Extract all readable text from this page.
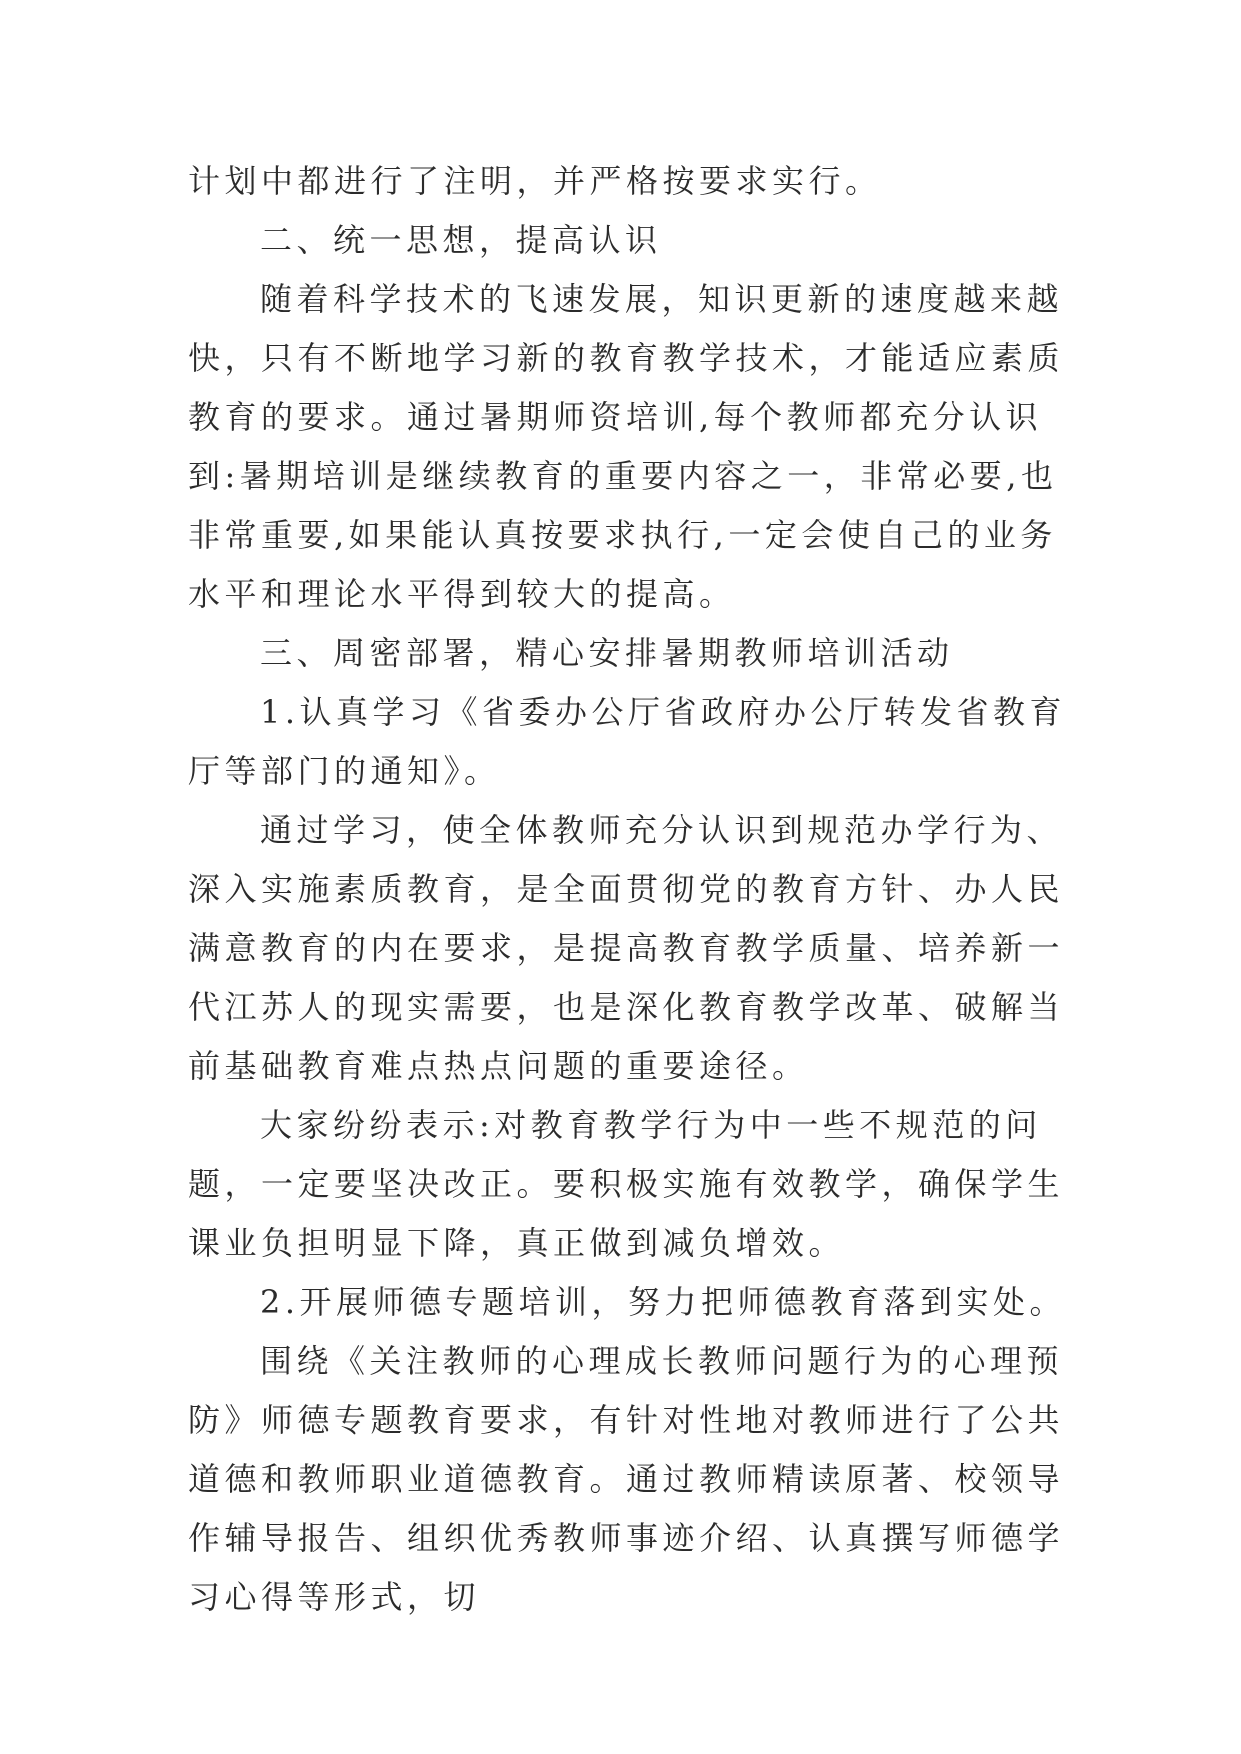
计划中都进行了注明，并严格按要求实行。

二、统一思想，提高认识

随着科学技术的飞速发展，知识更新的速度越来越快，只有不断地学习新的教育教学技术，才能适应素质教育的要求。通过暑期师资培训,每个教师都充分认识到:暑期培训是继续教育的重要内容之一，非常必要,也非常重要,如果能认真按要求执行,一定会使自己的业务水平和理论水平得到较大的提高。

三、周密部署，精心安排暑期教师培训活动

1.认真学习《省委办公厅省政府办公厅转发省教育厅等部门的通知》。

通过学习，使全体教师充分认识到规范办学行为、深入实施素质教育，是全面贯彻党的教育方针、办人民满意教育的内在要求，是提高教育教学质量、培养新一代江苏人的现实需要，也是深化教育教学改革、破解当前基础教育难点热点问题的重要途径。

大家纷纷表示:对教育教学行为中一些不规范的问题，一定要坚决改正。要积极实施有效教学，确保学生课业负担明显下降，真正做到减负增效。

2.开展师德专题培训，努力把师德教育落到实处。

围绕《关注教师的心理成长教师问题行为的心理预防》师德专题教育要求，有针对性地对教师进行了公共道德和教师职业道德教育。通过教师精读原著、校领导作辅导报告、组织优秀教师事迹介绍、认真撰写师德学习心得等形式，切
